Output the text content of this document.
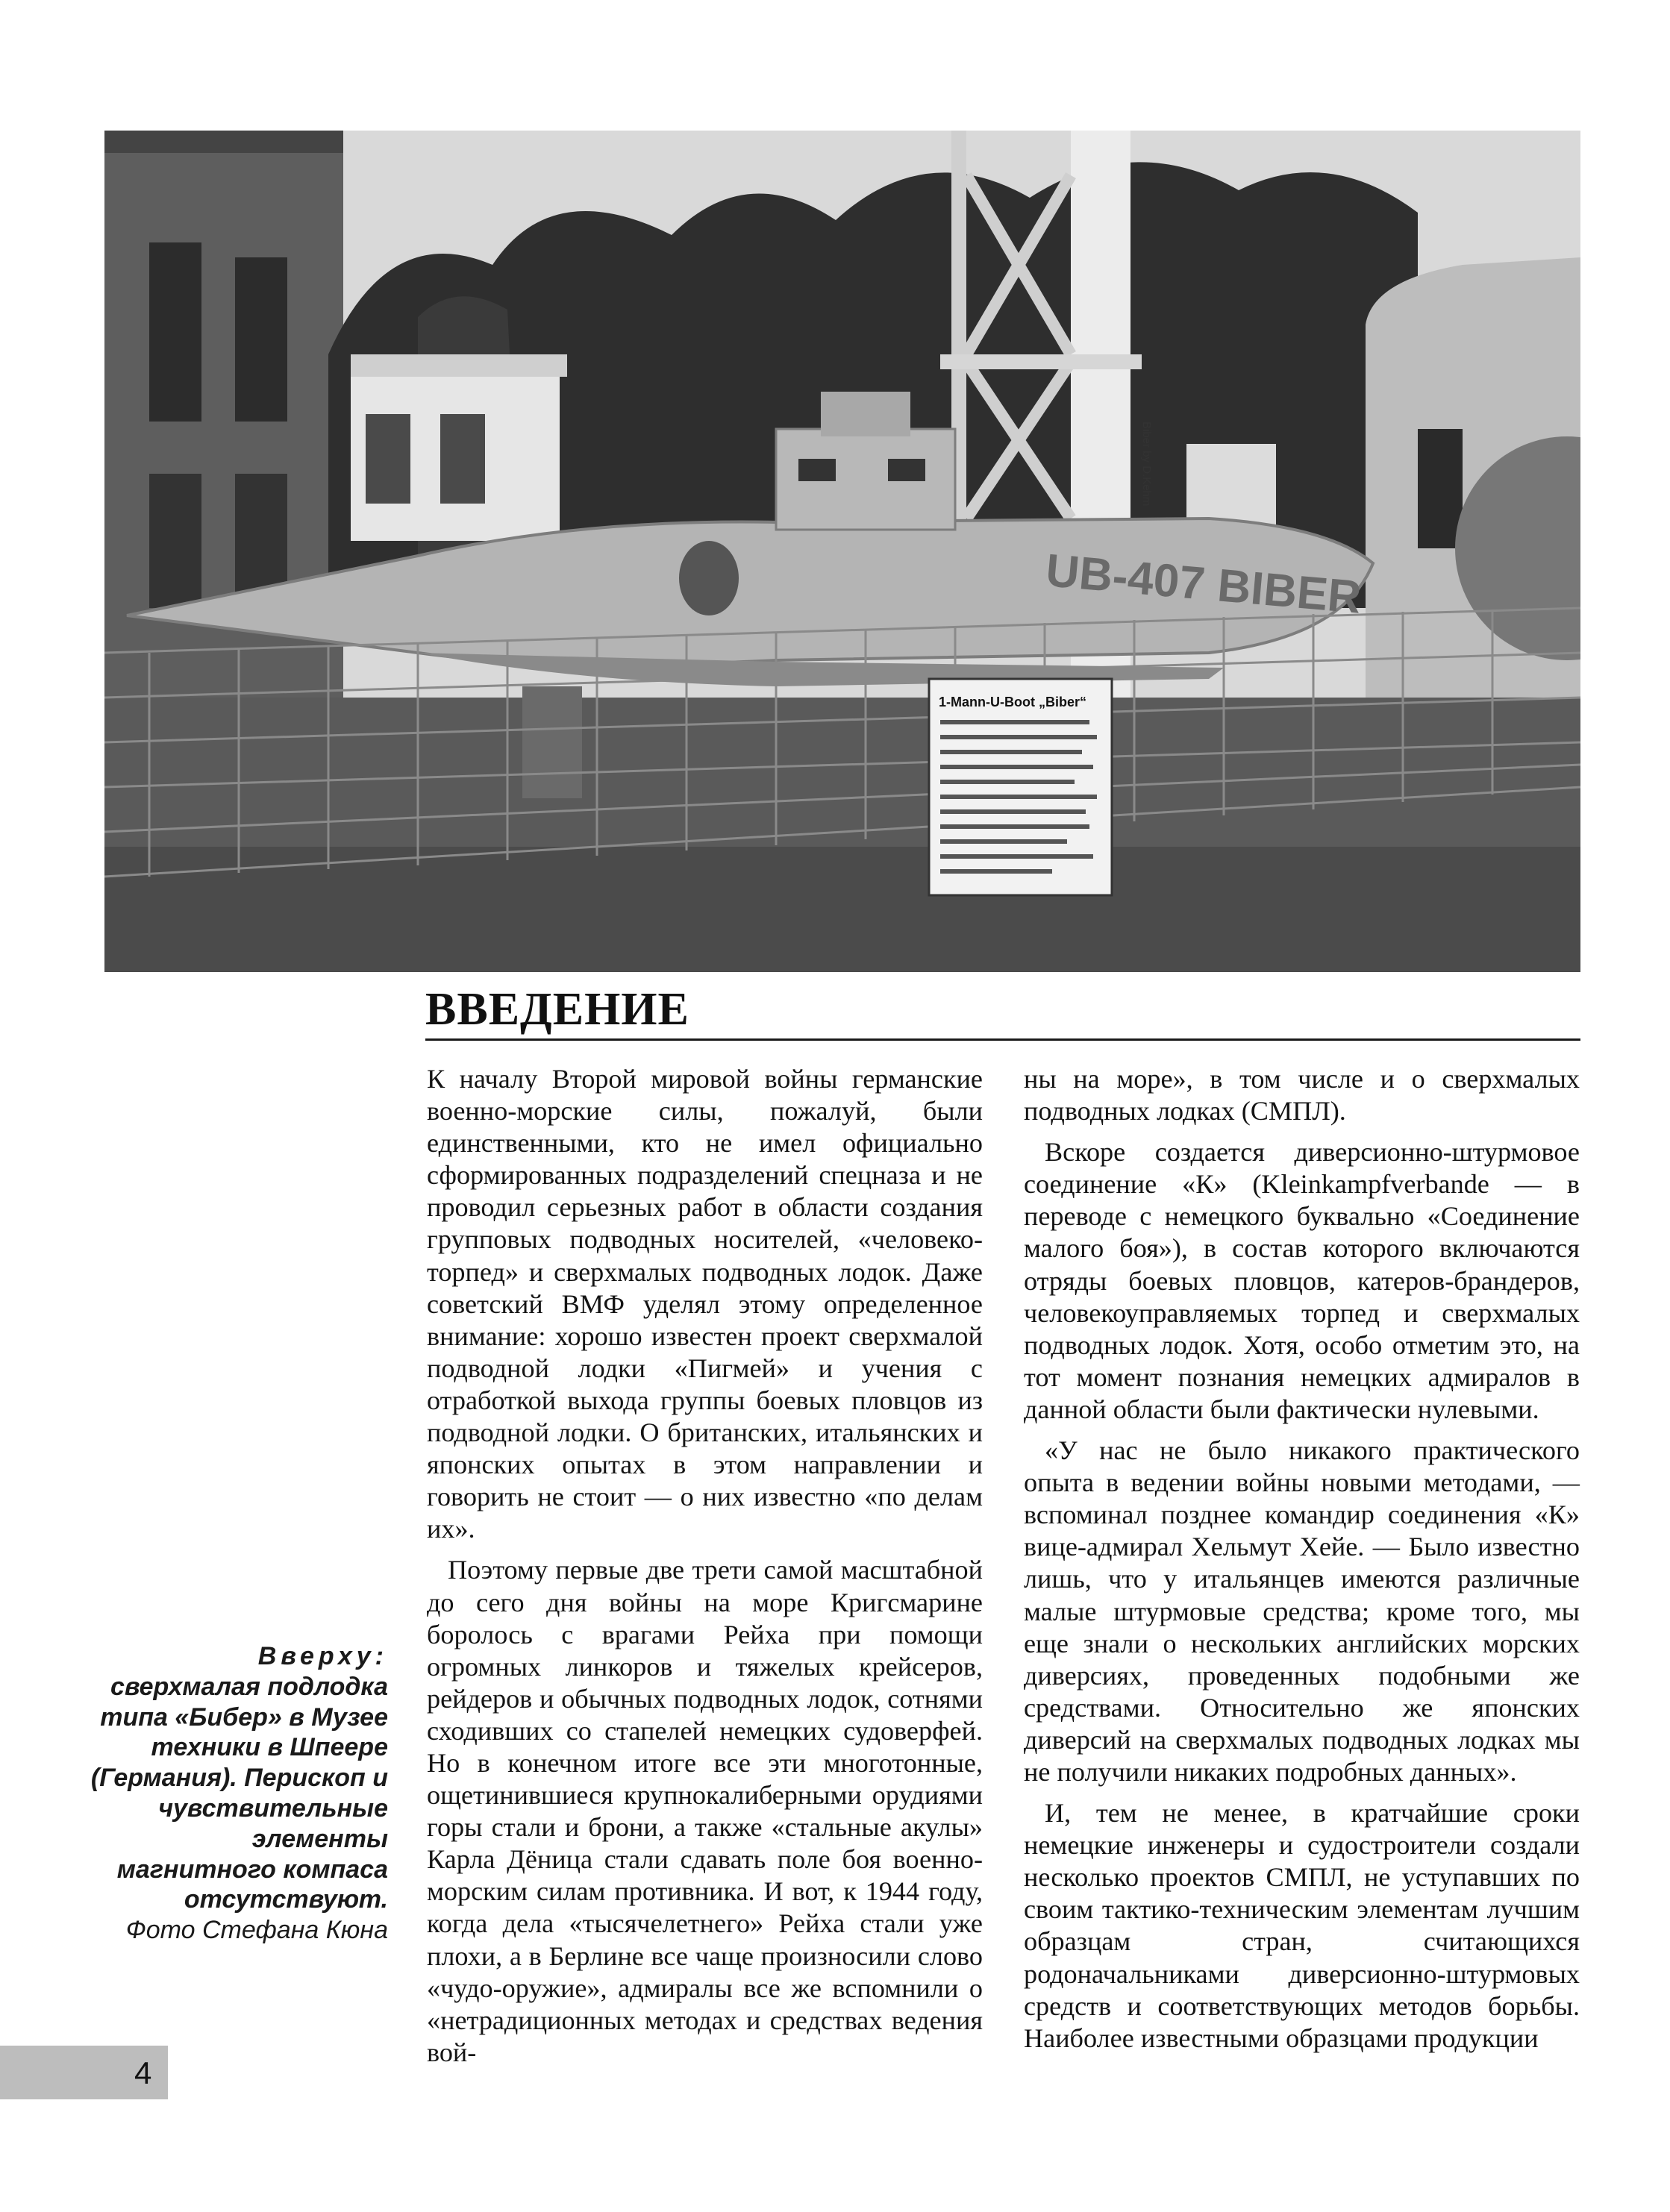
Biber by D.Kehm
UB-407 BIBER
1-Mann-U-Boot „Biber“
ВВЕДЕНИЕ

К началу Второй мировой войны германские военно-морские силы, пожалуй, были единственными, кто не имел официально сформированных подразделений спецназа и не проводил серьезных работ в области создания групповых подводных носителей, «человеко-торпед» и сверхмалых подводных лодок. Даже советский ВМФ уделял этому определенное внимание: хорошо известен проект сверхмалой подводной лодки «Пигмей» и учения с отработкой выхода группы боевых пловцов из подводной лодки. О британских, итальянских и японских опытах в этом направлении и говорить не стоит — о них известно «по делам их».

Поэтому первые две трети самой масштабной до сего дня войны на море Кригсмарине боролось с врагами Рейха при помощи огромных линкоров и тяжелых крейсеров, рейдеров и обычных подводных лодок, сотнями сходивших со стапелей немецких судоверфей. Но в конечном итоге все эти многотонные, ощетинившиеся крупнокалиберными орудиями горы стали и брони, а также «стальные акулы» Карла Дёница стали сдавать поле боя военно-морским силам противника. И вот, к 1944 году, когда дела «тысячелетнего» Рейха стали уже плохи, а в Берлине все чаще произносили слово «чудо-оружие», адмиралы все же вспомнили о «нетрадиционных методах и средствах ведения вой-

ны на море», в том числе и о сверхмалых подводных лодках (СМПЛ).

Вскоре создается диверсионно-штурмовое соединение «К» (Kleinkampfverbande — в переводе с немецкого буквально «Соединение малого боя»), в состав которого включаются отряды боевых пловцов, катеров-брандеров, человекоуправляемых торпед и сверхмалых подводных лодок. Хотя, особо отметим это, на тот момент познания немецких адмиралов в данной области были фактически нулевыми.

«У нас не было никакого практического опыта в ведении войны новыми методами, — вспоминал позднее командир соединения «К» вице-адмирал Хельмут Хейе. — Было известно лишь, что у итальянцев имеются различные малые штурмовые средства; кроме того, мы еще знали о нескольких английских морских диверсиях, проведенных подобными же средствами. Относительно же японских диверсий на сверхмалых подводных лодках мы не получили никаких подробных данных».

И, тем не менее, в кратчайшие сроки немецкие инженеры и судостроители создали несколько проектов СМПЛ, не уступавших по своим тактико-техническим элементам лучшим образцам стран, считающихся родоначальниками диверсионно-штурмовых средств и соответствующих методов борьбы. Наиболее известными образцами продукции

Вверху:
сверхмалая подлодка типа «Бибер» в Музее техники в Шпеере (Германия). Перископ и чувствительные элементы магнитного компаса отсутствуют.
Фото Стефана Кюна
4
